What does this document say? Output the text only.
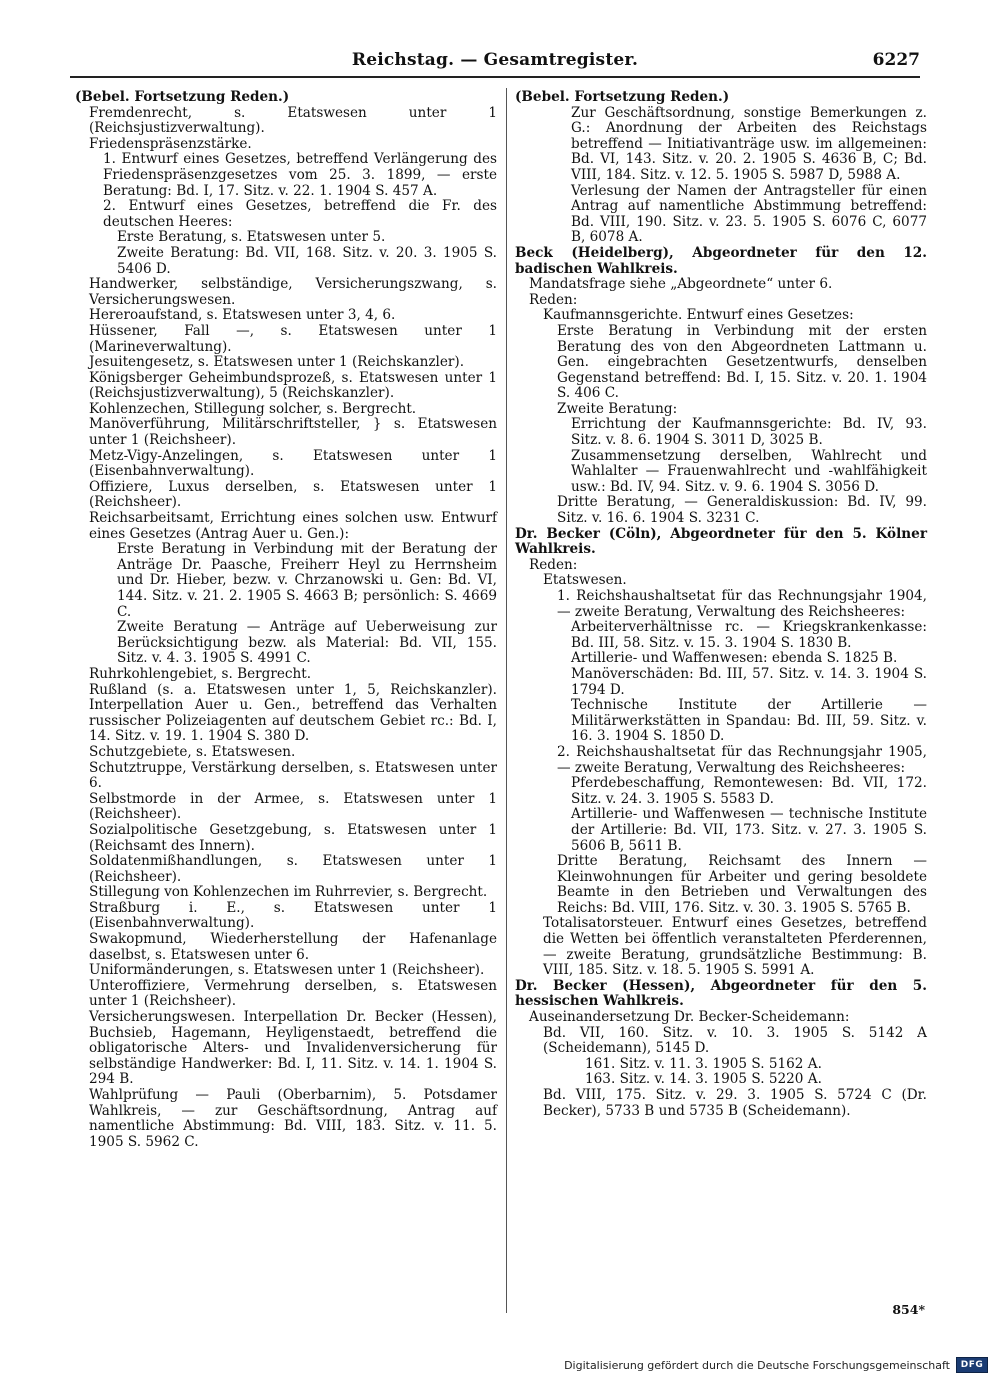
Reichstag. — Gesamtregister.	6227

(Bebel. Fortsetzung Reden.)

Fremdenrecht, s. Etatswesen unter 1 (Reichsjustizverwaltung).

Friedenspräsenzstärke.

1. Entwurf eines Gesetzes, betreffend Verlängerung des Friedenspräsenzgesetzes vom 25. 3. 1899, — erste Beratung: Bd. I, 17. Sitz. v. 22. 1. 1904 S. 457 A.

2. Entwurf eines Gesetzes, betreffend die Fr. des deutschen Heeres:

Erste Beratung, s. Etatswesen unter 5.

Zweite Beratung: Bd. VII, 168. Sitz. v. 20. 3. 1905 S. 5406 D.

Handwerker, selbständige, Versicherungszwang, s. Versicherungswesen.

Hereroaufstand, s. Etatswesen unter 3, 4, 6.

Hüssener, Fall —, s. Etatswesen unter 1 (Marineverwaltung).

Jesuitengesetz, s. Etatswesen unter 1 (Reichskanzler).

Königsberger Geheimbundsprozeß, s. Etatswesen unter 1 (Reichsjustizverwaltung), 5 (Reichskanzler).

Kohlenzechen, Stillegung solcher, s. Bergrecht.

Manöverführung, Militärschriftsteller, } s. Etatswesen unter 1 (Reichsheer).

Metz-Vigy-Anzelingen, s. Etatswesen unter 1 (Eisenbahnverwaltung).

Offiziere, Luxus derselben, s. Etatswesen unter 1 (Reichsheer).

Reichsarbeitsamt, Errichtung eines solchen usw. Entwurf eines Gesetzes (Antrag Auer u. Gen.):

Erste Beratung in Verbindung mit der Beratung der Anträge Dr. Paasche, Freiherr Heyl zu Herrnsheim und Dr. Hieber, bezw. v. Chrzanowski u. Gen: Bd. VI, 144. Sitz. v. 21. 2. 1905 S. 4663 B; persönlich: S. 4669 C.

Zweite Beratung — Anträge auf Ueberweisung zur Berücksichtigung bezw. als Material: Bd. VII, 155. Sitz. v. 4. 3. 1905 S. 4991 C.

Ruhrkohlengebiet, s. Bergrecht.

Rußland (s. a. Etatswesen unter 1, 5, Reichskanzler). Interpellation Auer u. Gen., betreffend das Verhalten russischer Polizeiagenten auf deutschem Gebiet rc.: Bd. I, 14. Sitz. v. 19. 1. 1904 S. 380 D.

Schutzgebiete, s. Etatswesen.

Schutztruppe, Verstärkung derselben, s. Etatswesen unter 6.

Selbstmorde in der Armee, s. Etatswesen unter 1 (Reichsheer).

Sozialpolitische Gesetzgebung, s. Etatswesen unter 1 (Reichsamt des Innern).

Soldatenmißhandlungen, s. Etatswesen unter 1 (Reichsheer).

Stillegung von Kohlenzechen im Ruhrrevier, s. Bergrecht.

Straßburg i. E., s. Etatswesen unter 1 (Eisenbahnverwaltung).

Swakopmund, Wiederherstellung der Hafenanlage daselbst, s. Etatswesen unter 6.

Uniformänderungen, s. Etatswesen unter 1 (Reichsheer).

Unteroffiziere, Vermehrung derselben, s. Etatswesen unter 1 (Reichsheer).

Versicherungswesen. Interpellation Dr. Becker (Hessen), Buchsieb, Hagemann, Heyligenstaedt, betreffend die obligatorische Alters- und Invalidenversicherung für selbständige Handwerker: Bd. I, 11. Sitz. v. 14. 1. 1904 S. 294 B.

Wahlprüfung — Pauli (Oberbarnim), 5. Potsdamer Wahlkreis, — zur Geschäftsordnung, Antrag auf namentliche Abstimmung: Bd. VIII, 183. Sitz. v. 11. 5. 1905 S. 5962 C.

(Bebel. Fortsetzung Reden.)

Zur Geschäftsordnung, sonstige Bemerkungen z. G.: Anordnung der Arbeiten des Reichstags betreffend — Initiativanträge usw. im allgemeinen: Bd. VI, 143. Sitz. v. 20. 2. 1905 S. 4636 B, C; Bd. VIII, 184. Sitz. v. 12. 5. 1905 S. 5987 D, 5988 A.

Verlesung der Namen der Antragsteller für einen Antrag auf namentliche Abstimmung betreffend: Bd. VIII, 190. Sitz. v. 23. 5. 1905 S. 6076 C, 6077 B, 6078 A.

Beck (Heidelberg), Abgeordneter für den 12. badischen Wahlkreis.

Mandatsfrage siehe „Abgeordnete“ unter 6.

Reden:

Kaufmannsgerichte. Entwurf eines Gesetzes:

Erste Beratung in Verbindung mit der ersten Beratung des von den Abgeordneten Lattmann u. Gen. eingebrachten Gesetzentwurfs, denselben Gegenstand betreffend: Bd. I, 15. Sitz. v. 20. 1. 1904 S. 406 C.

Zweite Beratung:

Errichtung der Kaufmannsgerichte: Bd. IV, 93. Sitz. v. 8. 6. 1904 S. 3011 D, 3025 B.

Zusammensetzung derselben, Wahlrecht und Wahlalter — Frauenwahlrecht und -wahlfähigkeit usw.: Bd. IV, 94. Sitz. v. 9. 6. 1904 S. 3056 D.

Dritte Beratung, — Generaldiskussion: Bd. IV, 99. Sitz. v. 16. 6. 1904 S. 3231 C.

Dr. Becker (Cöln), Abgeordneter für den 5. Kölner Wahlkreis.

Reden:

Etatswesen.

1. Reichshaushaltsetat für das Rechnungsjahr 1904, — zweite Beratung, Verwaltung des Reichsheeres:

Arbeiterverhältnisse rc. — Kriegskrankenkasse: Bd. III, 58. Sitz. v. 15. 3. 1904 S. 1830 B.

Artillerie- und Waffenwesen: ebenda S. 1825 B.

Manöverschäden: Bd. III, 57. Sitz. v. 14. 3. 1904 S. 1794 D.

Technische Institute der Artillerie — Militärwerkstätten in Spandau: Bd. III, 59. Sitz. v. 16. 3. 1904 S. 1850 D.

2. Reichshaushaltsetat für das Rechnungsjahr 1905, — zweite Beratung, Verwaltung des Reichsheeres:

Pferdebeschaffung, Remontewesen: Bd. VII, 172. Sitz. v. 24. 3. 1905 S. 5583 D.

Artillerie- und Waffenwesen — technische Institute der Artillerie: Bd. VII, 173. Sitz. v. 27. 3. 1905 S. 5606 B, 5611 B.

Dritte Beratung, Reichsamt des Innern — Kleinwohnungen für Arbeiter und gering besoldete Beamte in den Betrieben und Verwaltungen des Reichs: Bd. VIII, 176. Sitz. v. 30. 3. 1905 S. 5765 B.

Totalisatorsteuer. Entwurf eines Gesetzes, betreffend die Wetten bei öffentlich veranstalteten Pferderennen, — zweite Beratung, grundsätzliche Bestimmung: B. VIII, 185. Sitz. v. 18. 5. 1905 S. 5991 A.

Dr. Becker (Hessen), Abgeordneter für den 5. hessischen Wahlkreis.

Auseinandersetzung Dr. Becker-Scheidemann:

Bd. VII, 160. Sitz. v. 10. 3. 1905 S. 5142 A (Scheidemann), 5145 D.

161. Sitz. v. 11. 3. 1905 S. 5162 A.

163. Sitz. v. 14. 3. 1905 S. 5220 A.

Bd. VIII, 175. Sitz. v. 29. 3. 1905 S. 5724 C (Dr. Becker), 5733 B und 5735 B (Scheidemann).

854*
Digitalisierung gefördert durch die Deutsche Forschungsgemeinschaft	DFG
